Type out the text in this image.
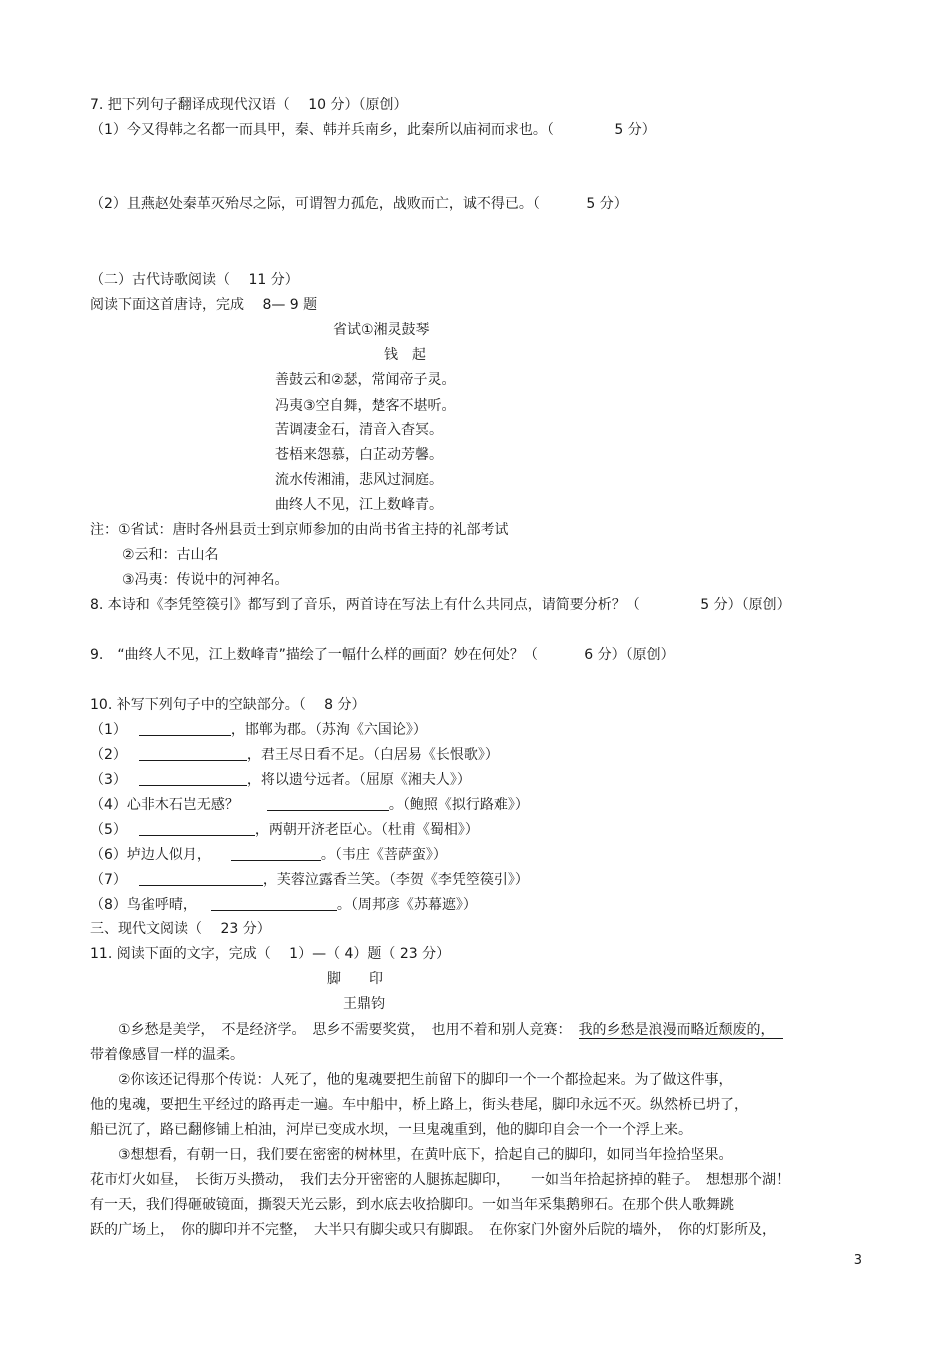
7. 把下列句子翻译成现代汉语（　 10 分）（原创）
（1）今又得韩之名都一而具甲，秦、韩并兵南乡，此秦所以庙祠而求也。（　　　　 5 分）
（2）且燕赵处秦革灭殆尽之际，可谓智力孤危，战败而亡，诚不得已。（　　　 5 分）
（二）古代诗歌阅读（　 11 分）
阅读下面这首唐诗，完成　 8— 9 题
省试①湘灵鼓琴
钱　起
善鼓云和②瑟，常闻帝子灵。
冯夷③空自舞，楚客不堪听。
苦调凄金石，清音入杳冥。
苍梧来怨慕，白芷动芳馨。
流水传湘浦，悲风过洞庭。
曲终人不见，江上数峰青。
注：①省试：唐时各州县贡士到京师参加的由尚书省主持的礼部考试
②云和：古山名
③冯夷：传说中的河神名。
8. 本诗和《李凭箜篌引》都写到了音乐，两首诗在写法上有什么共同点，请简要分析？（　　　　 5 分）（原创）
9.　“曲终人不见，江上数峰青”描绘了一幅什么样的画面？妙在何处？（　　　 6 分）（原创）
10. 补写下列句子中的空缺部分。（　 8 分）
（1）	，邯郸为郡。（苏洵《六国论》）
（2）	，君王尽日看不足。（白居易《长恨歌》）
（3）	，将以遗兮远者。（屈原《湘夫人》）
（4）心非木石岂无感？	。（鲍照《拟行路难》）
（5）	，两朝开济老臣心。（杜甫《蜀相》）
（6）垆边人似月，	。（韦庄《菩萨蛮》）
（7）	，芙蓉泣露香兰笑。（李贺《李凭箜篌引》）
（8）鸟雀呼晴，	。（周邦彦《苏幕遮》）
三、现代文阅读（　 23 分）
11. 阅读下面的文字，完成（　 1）—（ 4）题（ 23 分）
脚　　印
王鼎钧
　　①乡愁是美学，　不是经济学。　思乡不需要奖赏，　也用不着和别人竞赛：　我的乡愁是浪漫而略近颓废的，
带着像感冒一样的温柔。
　　②你该还记得那个传说：人死了，他的鬼魂要把生前留下的脚印一个一个都捡起来。为了做这件事，
他的鬼魂，要把生平经过的路再走一遍。车中船中，桥上路上，街头巷尾，脚印永远不灭。纵然桥已坍了，
船已沉了，路已翻修铺上柏油，河岸已变成水坝，一旦鬼魂重到，他的脚印自会一个一个浮上来。
　　③想想看，有朝一日，我们要在密密的树林里，在黄叶底下，拾起自己的脚印，如同当年捡拾坚果。
花市灯火如昼，　长街万头攒动，　我们去分开密密的人腿拣起脚印，　　一如当年拾起挤掉的鞋子。　想想那个湖！
有一天，我们得砸破镜面，撕裂天光云影，到水底去收拾脚印。一如当年采集鹅卵石。在那个供人歌舞跳
跃的广场上，　你的脚印并不完整，　大半只有脚尖或只有脚跟。　在你家门外窗外后院的墙外，　你的灯影所及，
3
